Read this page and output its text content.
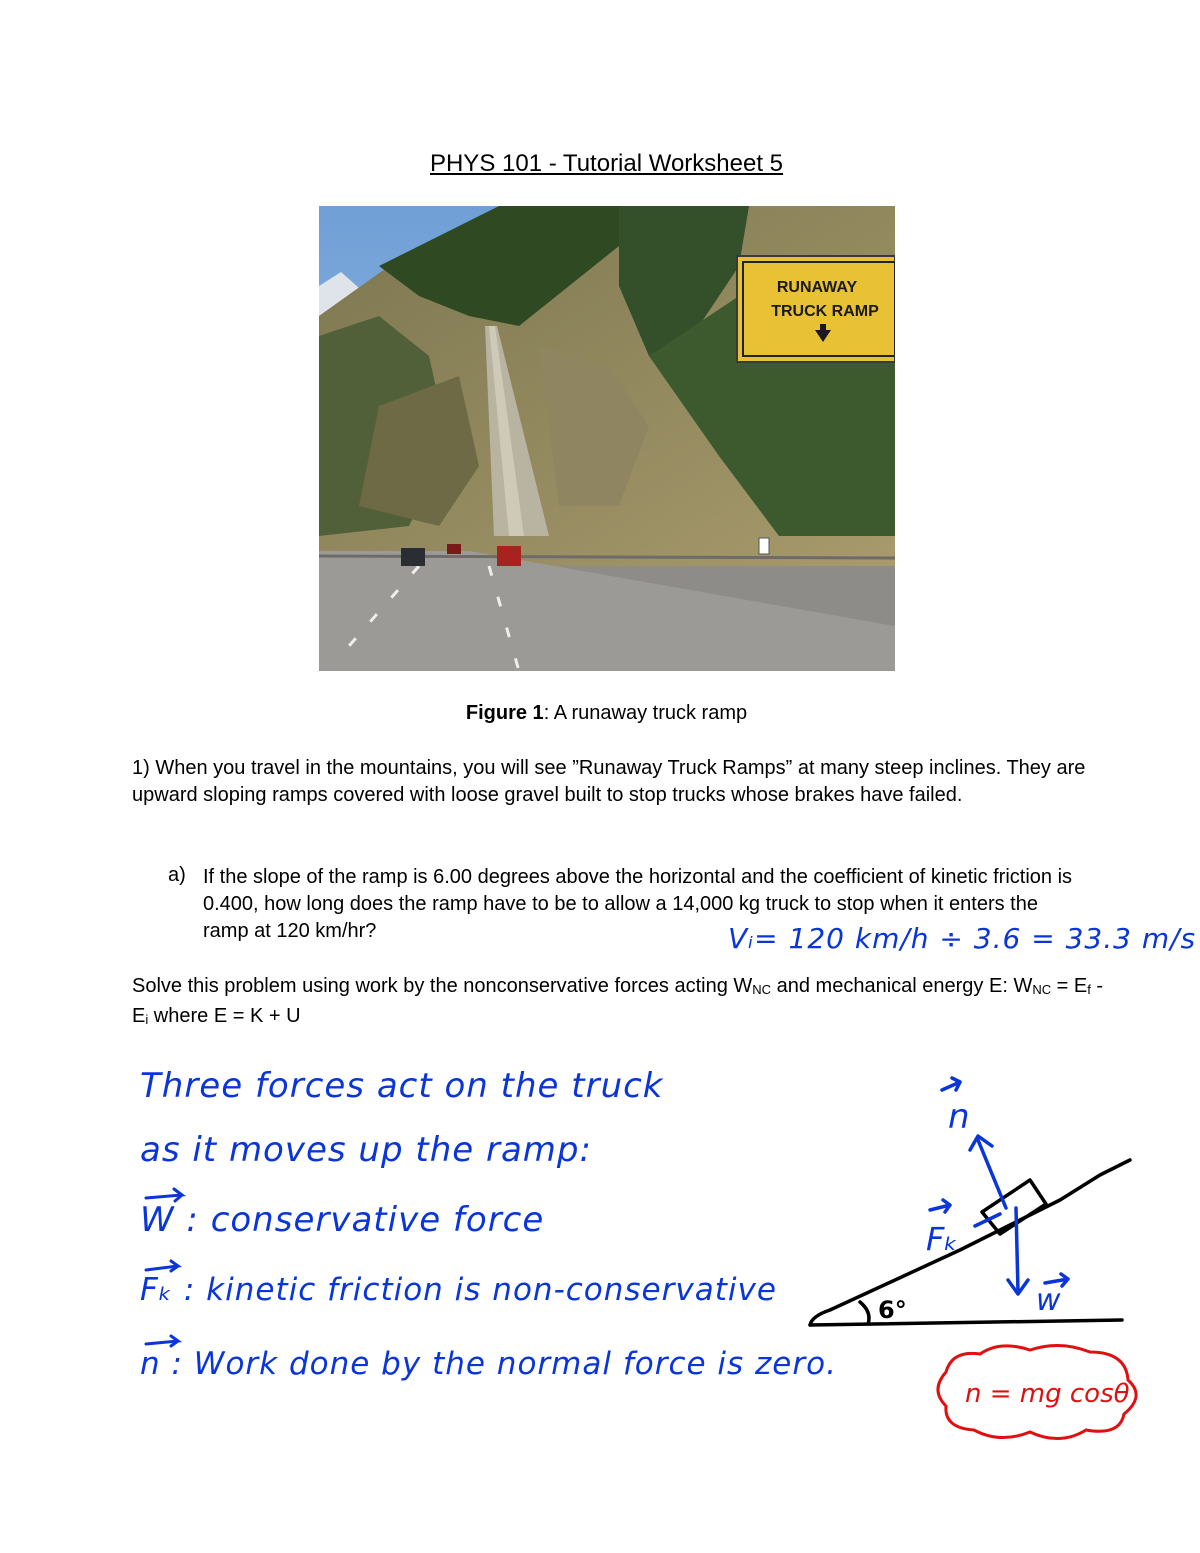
PHYS 101 - Tutorial Worksheet 5
RUNAWAY
TRUCK RAMP
Figure 1: A runaway truck ramp
1) When you travel in the mountains, you will see ”Runaway Truck Ramps” at many steep inclines. They are upward sloping ramps covered with loose gravel built to stop trucks whose brakes have failed.
a) If the slope of the ramp is 6.00 degrees above the horizontal and the coefficient of kinetic friction is 0.400, how long does the ramp have to be to allow a 14,000 kg truck to stop when it enters the ramp at 120 km/hr?
Solve this problem using work by the nonconservative forces acting $W_{NC}$ and mechanical energy E: $W_{NC} = E_f - E_i$ where E = K + U
Vᵢ= 120 km/h ÷ 3.6 = 33.3 m/s
Three forces act on the truck
as it moves up the ramp:
W : conservative force
Fₖ : kinetic friction is non-conservative
n : Work done by the normal force is zero.
6°
n
Fₖ
w
n = mg cosθ
